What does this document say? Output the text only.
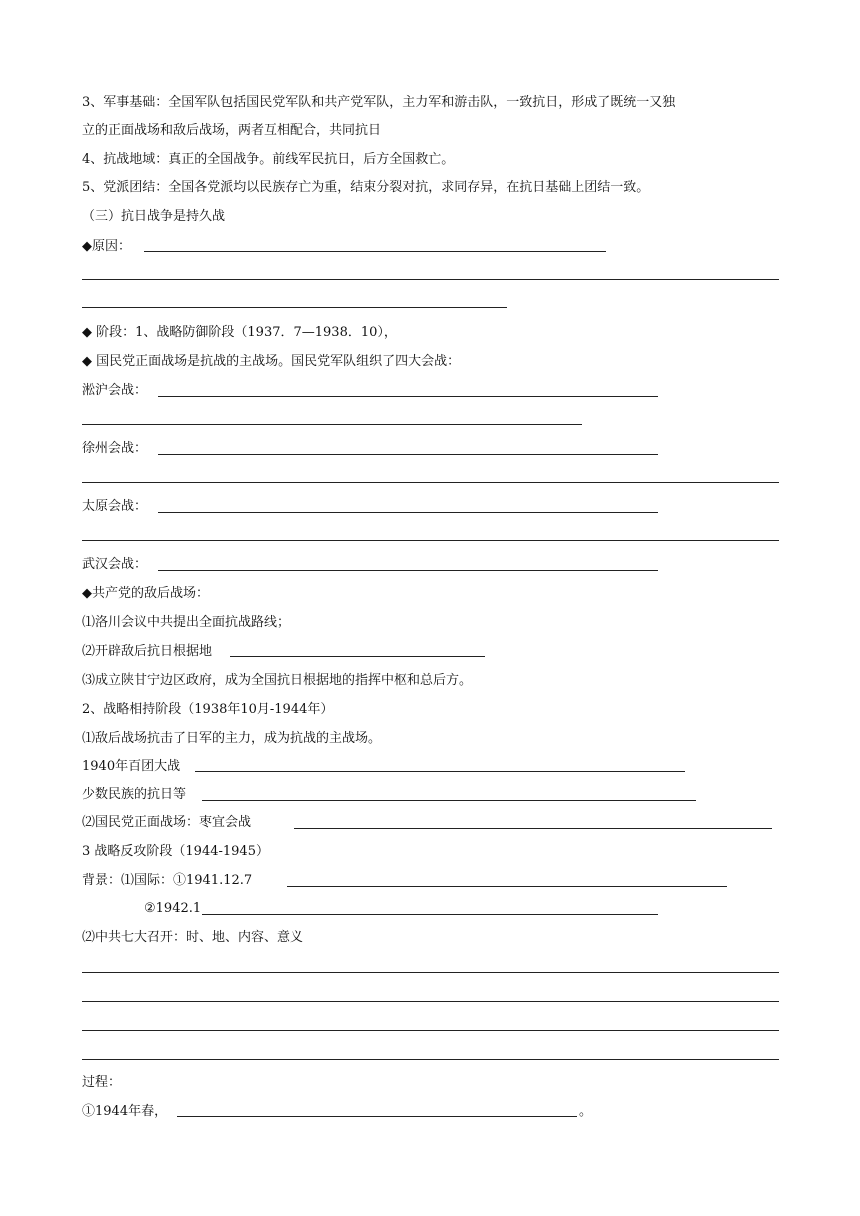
3、军事基础：全国军队包括国民党军队和共产党军队，主力军和游击队，一致抗日，形成了既统一又独
立的正面战场和敌后战场，两者互相配合，共同抗日
4、抗战地域：真正的全国战争。前线军民抗日，后方全国救亡。
5、党派团结：全国各党派均以民族存亡为重，结束分裂对抗，求同存异，在抗日基础上团结一致。
（三）抗日战争是持久战
◆原因：
◆ 阶段：1、战略防御阶段（1937．7—1938．10），
◆ 国民党正面战场是抗战的主战场。国民党军队组织了四大会战：
淞沪会战：
徐州会战：
太原会战：
武汉会战：
◆共产党的敌后战场：
⑴洛川会议中共提出全面抗战路线；
⑵开辟敌后抗日根据地
⑶成立陕甘宁边区政府，成为全国抗日根据地的指挥中枢和总后方。
2、战略相持阶段（1938年10月-1944年）
⑴敌后战场抗击了日军的主力，成为抗战的主战场。
1940年百团大战
少数民族的抗日等
⑵国民党正面战场：枣宜会战
3 战略反攻阶段（1944-1945）
背景：⑴国际：①1941.12.7
②1942.1
⑵中共七大召开：时、地、内容、意义
过程：
①1944年春，	。
